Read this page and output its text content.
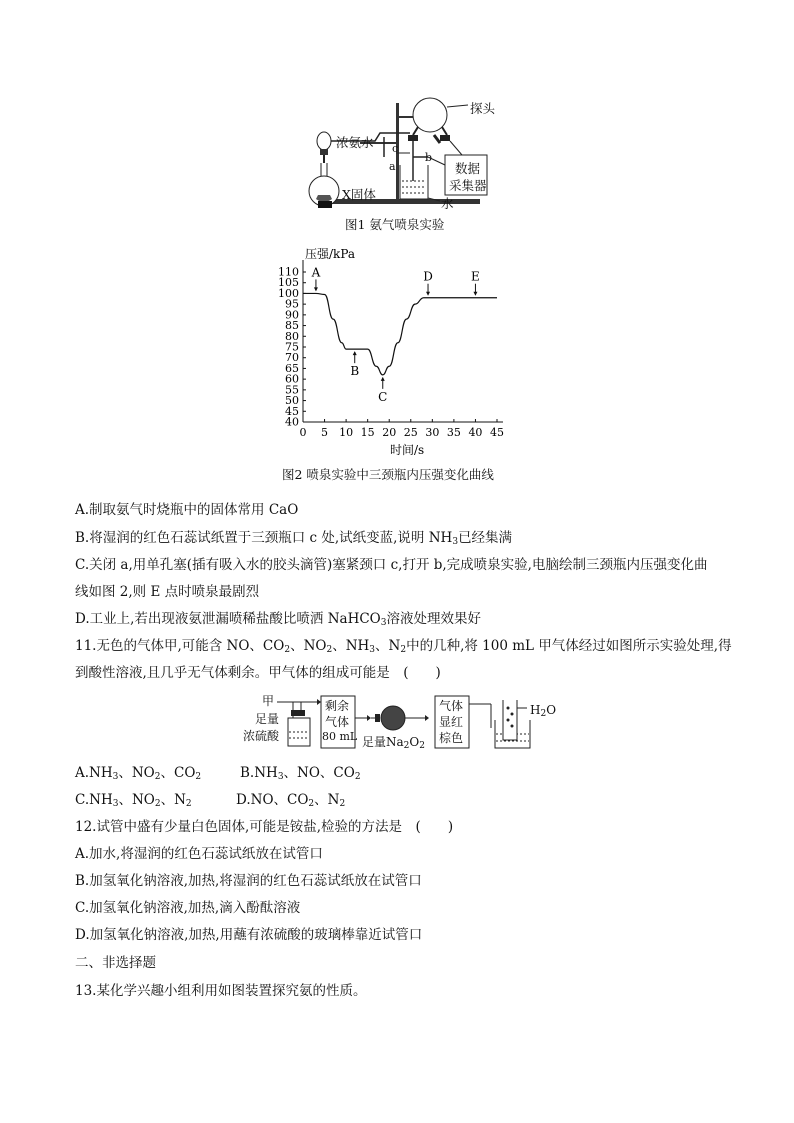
探头
浓氨水
a
b
c
X固体
数据
采集器
水
图1 氨气喷泉实验
压强/kPa
时间/s
40
45
50
55
60
65
70
75
80
85
90
95
100
105
110
0 5 10 15 20 25 30 35 40 45
A
B
C
D	E
图2 喷泉实验中三颈瓶内压强变化曲线
A.制取氨气时烧瓶中的固体常用 CaO
B.将湿润的红色石蕊试纸置于三颈瓶口 c 处,试纸变蓝,说明 $NH_3$已经集满
C.关闭 a,用单孔塞(插有吸入水的胶头滴管)塞紧颈口 c,打开 b,完成喷泉实验,电脑绘制三颈瓶内压强变化曲
线如图 2,则 E 点时喷泉最剧烈
D.工业上,若出现液氨泄漏喷稀盐酸比喷洒 NaHCO$_3$溶液处理效果好
11.无色的气体甲,可能含 NO、$CO_2$、$NO_2$、$NH_3$、$N_2$中的几种,将 100 mL 甲气体经过如图所示实验处理,得
到酸性溶液,且几乎无气体剩余。甲气体的组成可能是　(　　)
甲
足量
浓硫酸
剩余
气体
80 mL 足量$Na_2O_2$
气体
显红
棕色
$H_2O$
$A.NH_3$、$NO_2$、$CO_2$	$B.NH_3$、NO、$CO_2$
$C.NH_3$、$NO_2$、$N_2$	D.NO、$CO_2$、$N_2$
12.试管中盛有少量白色固体,可能是铵盐,检验的方法是　(　　)
A.加水,将湿润的红色石蕊试纸放在试管口
B.加氢氧化钠溶液,加热,将湿润的红色石蕊试纸放在试管口
C.加氢氧化钠溶液,加热,滴入酚酞溶液
D.加氢氧化钠溶液,加热,用蘸有浓硫酸的玻璃棒靠近试管口
二、非选择题
13.某化学兴趣小组利用如图装置探究氨的性质。
